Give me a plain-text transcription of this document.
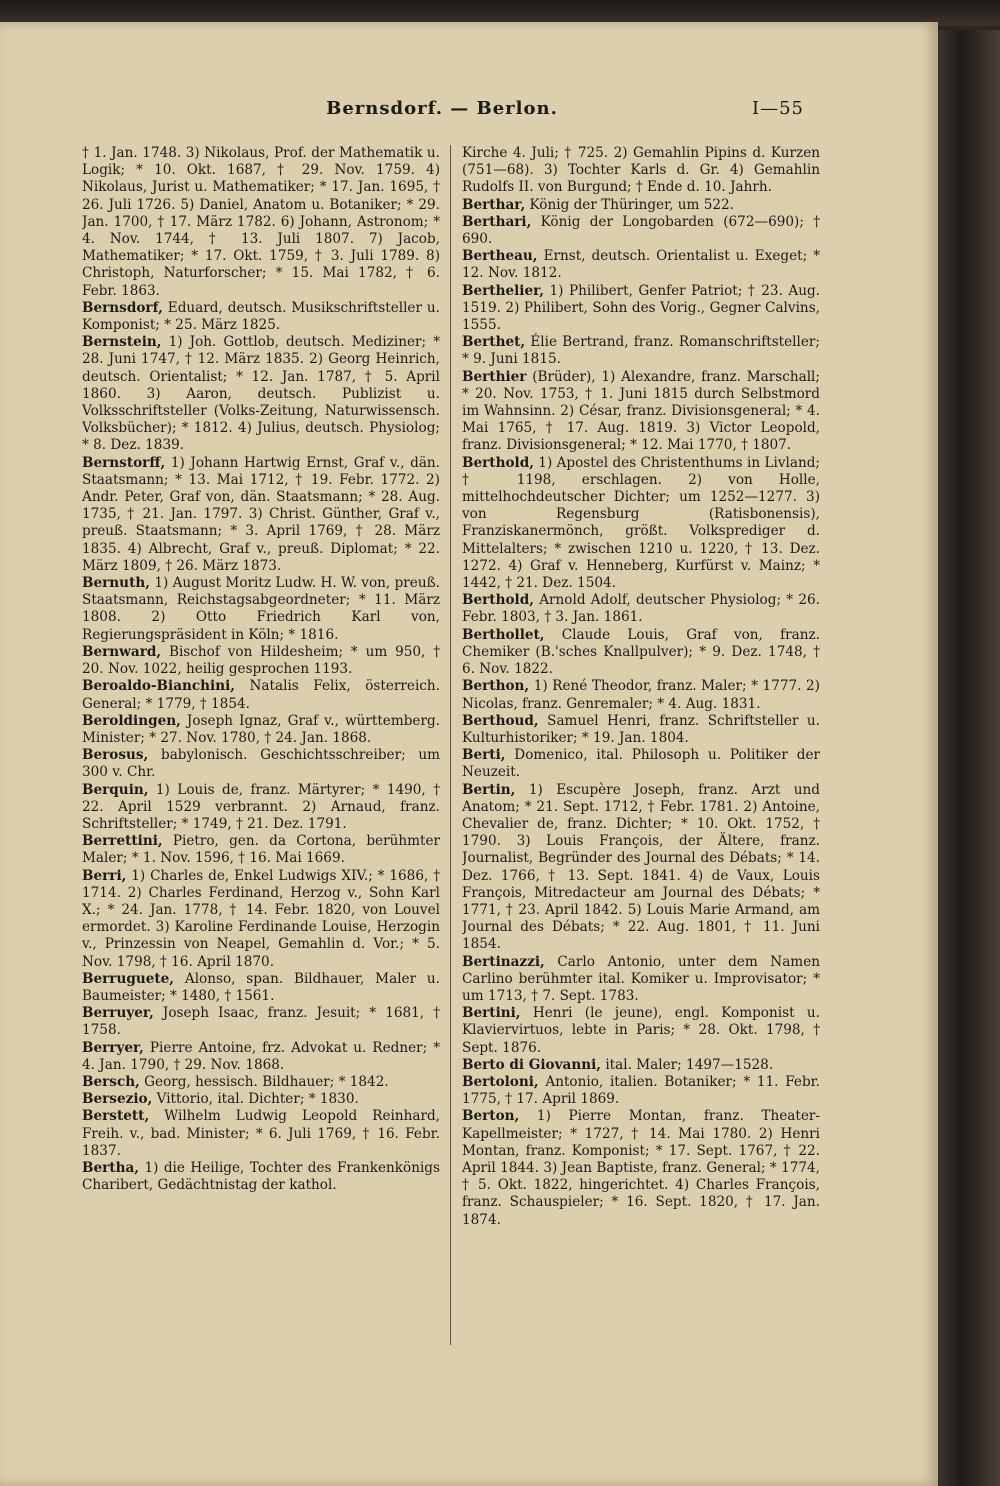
Bernsdorf. — Berlon.	I—55

† 1. Jan. 1748. 3) Nikolaus, Prof. der Mathematik u. Logik; * 10. Okt. 1687, † 29. Nov. 1759. 4) Nikolaus, Jurist u. Mathematiker; * 17. Jan. 1695, † 26. Juli 1726. 5) Daniel, Anatom u. Botaniker; * 29. Jan. 1700, † 17. März 1782. 6) Johann, Astronom; * 4. Nov. 1744, † 13. Juli 1807. 7) Jacob, Mathematiker; * 17. Okt. 1759, † 3. Juli 1789. 8) Christoph, Naturforscher; * 15. Mai 1782, † 6. Febr. 1863.

Bernsdorf, Eduard, deutsch. Musikschriftsteller u. Komponist; * 25. März 1825.

Bernstein, 1) Joh. Gottlob, deutsch. Mediziner; * 28. Juni 1747, † 12. März 1835. 2) Georg Heinrich, deutsch. Orientalist; * 12. Jan. 1787, † 5. April 1860. 3) Aaron, deutsch. Publizist u. Volksschriftsteller (Volks-Zeitung, Naturwissensch. Volksbücher); * 1812. 4) Julius, deutsch. Physiolog; * 8. Dez. 1839.

Bernstorff, 1) Johann Hartwig Ernst, Graf v., dän. Staatsmann; * 13. Mai 1712, † 19. Febr. 1772. 2) Andr. Peter, Graf von, dän. Staatsmann; * 28. Aug. 1735, † 21. Jan. 1797. 3) Christ. Günther, Graf v., preuß. Staatsmann; * 3. April 1769, † 28. März 1835. 4) Albrecht, Graf v., preuß. Diplomat; * 22. März 1809, † 26. März 1873.

Bernuth, 1) August Moritz Ludw. H. W. von, preuß. Staatsmann, Reichstagsabgeordneter; * 11. März 1808. 2) Otto Friedrich Karl von, Regierungspräsident in Köln; * 1816.

Bernward, Bischof von Hildesheim; * um 950, † 20. Nov. 1022, heilig gesprochen 1193.

Beroaldo-Bianchini, Natalis Felix, österreich. General; * 1779, † 1854.

Beroldingen, Joseph Ignaz, Graf v., württemberg. Minister; * 27. Nov. 1780, † 24. Jan. 1868.

Berosus, babylonisch. Geschichtsschreiber; um 300 v. Chr.

Berquin, 1) Louis de, franz. Märtyrer; * 1490, † 22. April 1529 verbrannt. 2) Arnaud, franz. Schriftsteller; * 1749, † 21. Dez. 1791.

Berrettini, Pietro, gen. da Cortona, berühmter Maler; * 1. Nov. 1596, † 16. Mai 1669.

Berri, 1) Charles de, Enkel Ludwigs XIV.; * 1686, † 1714. 2) Charles Ferdinand, Herzog v., Sohn Karl X.; * 24. Jan. 1778, † 14. Febr. 1820, von Louvel ermordet. 3) Karoline Ferdinande Louise, Herzogin v., Prinzessin von Neapel, Gemahlin d. Vor.; * 5. Nov. 1798, † 16. April 1870.

Berruguete, Alonso, span. Bildhauer, Maler u. Baumeister; * 1480, † 1561.

Berruyer, Joseph Isaac, franz. Jesuit; * 1681, † 1758.

Berryer, Pierre Antoine, frz. Advokat u. Redner; * 4. Jan. 1790, † 29. Nov. 1868.

Bersch, Georg, hessisch. Bildhauer; * 1842.

Bersezio, Vittorio, ital. Dichter; * 1830.

Berstett, Wilhelm Ludwig Leopold Reinhard, Freih. v., bad. Minister; * 6. Juli 1769, † 16. Febr. 1837.

Bertha, 1) die Heilige, Tochter des Frankenkönigs Charibert, Gedächtnistag der kathol.

Kirche 4. Juli; † 725. 2) Gemahlin Pipins d. Kurzen (751—68). 3) Tochter Karls d. Gr. 4) Gemahlin Rudolfs II. von Burgund; † Ende d. 10. Jahrh.

Berthar, König der Thüringer, um 522.

Berthari, König der Longobarden (672—690); † 690.

Bertheau, Ernst, deutsch. Orientalist u. Exeget; * 12. Nov. 1812.

Berthelier, 1) Philibert, Genfer Patriot; † 23. Aug. 1519. 2) Philibert, Sohn des Vorig., Gegner Calvins, 1555.

Berthet, Élie Bertrand, franz. Romanschriftsteller; * 9. Juni 1815.

Berthier (Brüder), 1) Alexandre, franz. Marschall; * 20. Nov. 1753, † 1. Juni 1815 durch Selbstmord im Wahnsinn. 2) César, franz. Divisionsgeneral; * 4. Mai 1765, † 17. Aug. 1819. 3) Victor Leopold, franz. Divisionsgeneral; * 12. Mai 1770, † 1807.

Berthold, 1) Apostel des Christenthums in Livland; † 1198, erschlagen. 2) von Holle, mittelhochdeutscher Dichter; um 1252—1277. 3) von Regensburg (Ratisbonensis), Franziskanermönch, größt. Volksprediger d. Mittelalters; * zwischen 1210 u. 1220, † 13. Dez. 1272. 4) Graf v. Henneberg, Kurfürst v. Mainz; * 1442, † 21. Dez. 1504.

Berthold, Arnold Adolf, deutscher Physiolog; * 26. Febr. 1803, † 3. Jan. 1861.

Berthollet, Claude Louis, Graf von, franz. Chemiker (B.'sches Knallpulver); * 9. Dez. 1748, † 6. Nov. 1822.

Berthon, 1) René Theodor, franz. Maler; * 1777. 2) Nicolas, franz. Genremaler; * 4. Aug. 1831.

Berthoud, Samuel Henri, franz. Schriftsteller u. Kulturhistoriker; * 19. Jan. 1804.

Berti, Domenico, ital. Philosoph u. Politiker der Neuzeit.

Bertin, 1) Escupère Joseph, franz. Arzt und Anatom; * 21. Sept. 1712, † Febr. 1781. 2) Antoine, Chevalier de, franz. Dichter; * 10. Okt. 1752, † 1790. 3) Louis François, der Ältere, franz. Journalist, Begründer des Journal des Débats; * 14. Dez. 1766, † 13. Sept. 1841. 4) de Vaux, Louis François, Mitredacteur am Journal des Débats; * 1771, † 23. April 1842. 5) Louis Marie Armand, am Journal des Débats; * 22. Aug. 1801, † 11. Juni 1854.

Bertinazzi, Carlo Antonio, unter dem Namen Carlino berühmter ital. Komiker u. Improvisator; * um 1713, † 7. Sept. 1783.

Bertini, Henri (le jeune), engl. Komponist u. Klaviervirtuos, lebte in Paris; * 28. Okt. 1798, † Sept. 1876.

Berto di Giovanni, ital. Maler; 1497—1528.

Bertoloni, Antonio, italien. Botaniker; * 11. Febr. 1775, † 17. April 1869.

Berton, 1) Pierre Montan, franz. Theater-Kapellmeister; * 1727, † 14. Mai 1780. 2) Henri Montan, franz. Komponist; * 17. Sept. 1767, † 22. April 1844. 3) Jean Baptiste, franz. General; * 1774, † 5. Okt. 1822, hingerichtet. 4) Charles François, franz. Schauspieler; * 16. Sept. 1820, † 17. Jan. 1874.
